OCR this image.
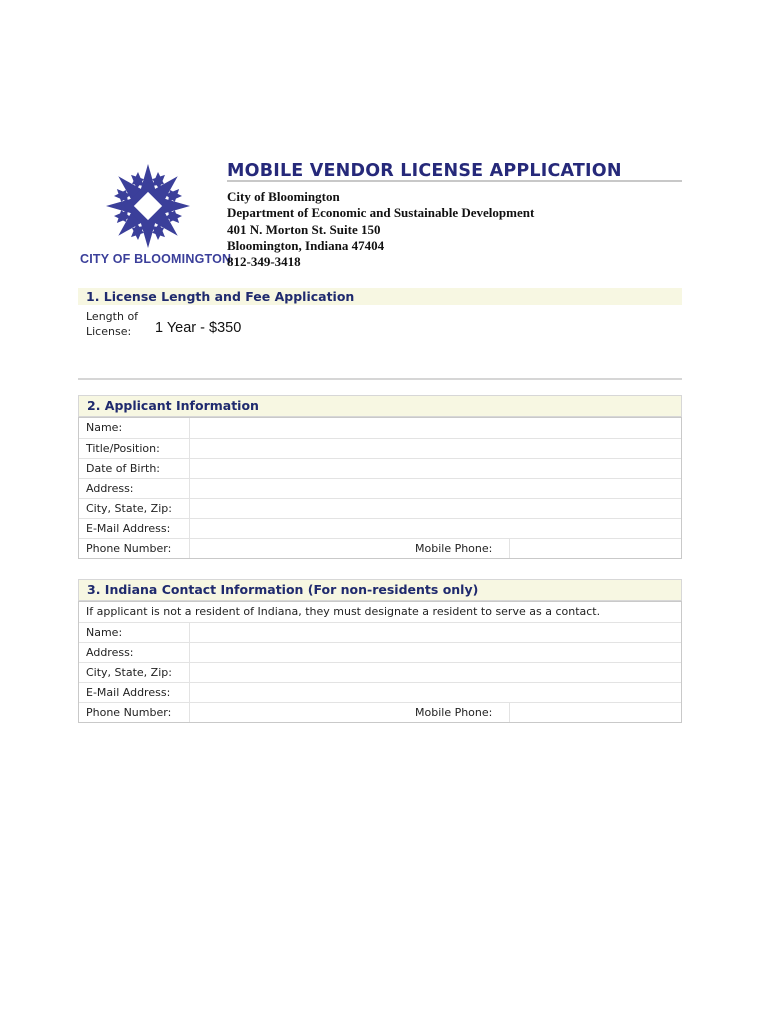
CITY OF BLOOMINGTON
MOBILE VENDOR LICENSE APPLICATION
City of Bloomington
Department of Economic and Sustainable Development
401 N. Morton St. Suite 150
Bloomington, Indiana 47404
812-349-3418
1. License Length and Fee Application
Length of
License:	1 Year - $350
2. Applicant Information
Name:
Title/Position:
Date of Birth:
Address:
City, State, Zip:
E-Mail Address:
Phone Number:	Mobile Phone:
3. Indiana Contact Information (For non-residents only)
If applicant is not a resident of Indiana, they must designate a resident to serve as a contact.
Name:
Address:
City, State, Zip:
E-Mail Address:
Phone Number:	Mobile Phone:
